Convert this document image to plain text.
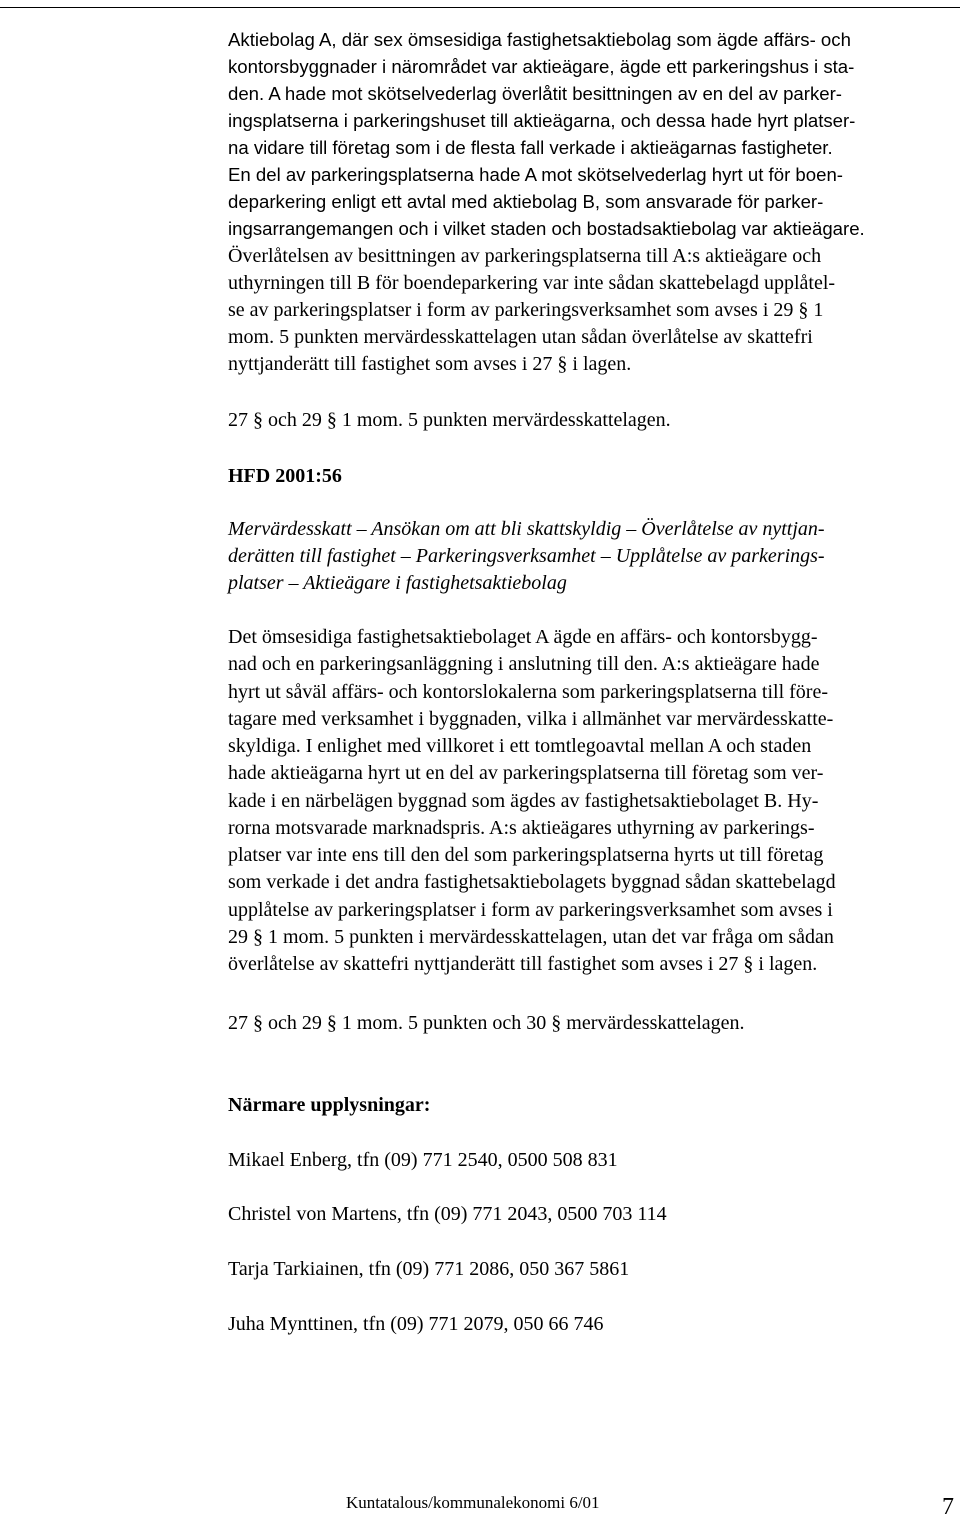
Aktiebolag A, där sex ömsesidiga fastighetsaktiebolag som ägde affärs- och
kontorsbyggnader i närområdet var aktieägare, ägde ett parkeringshus i sta-
den. A hade mot skötselvederlag överlåtit besittningen av en del av parker-
ingsplatserna i parkeringshuset till aktieägarna, och dessa hade hyrt platser-
na vidare till företag som i de flesta fall verkade i aktieägarnas fastigheter.
En del av parkeringsplatserna hade A mot skötselvederlag hyrt ut för boen-
deparkering enligt ett avtal med aktiebolag B, som ansvarade för parker-
ingsarrangemangen och i vilket staden och bostadsaktiebolag var aktieägare.

Överlåtelsen av besittningen av parkeringsplatserna till A:s aktieägare och
uthyrningen till B för boendeparkering var inte sådan skattebelagd upplåtel-
se av parkeringsplatser i form av parkeringsverksamhet som avses i 29 § 1
mom. 5 punkten mervärdesskattelagen utan sådan överlåtelse av skattefri
nyttjanderätt till fastighet som avses i 27 § i lagen.

27 § och 29 § 1 mom. 5 punkten mervärdesskattelagen.

HFD 2001:56

Mervärdesskatt – Ansökan om att bli skattskyldig – Överlåtelse av nyttjan-
derätten till fastighet – Parkeringsverksamhet – Upplåtelse av parkerings-
platser – Aktieägare i fastighetsaktiebolag

Det ömsesidiga fastighetsaktiebolaget A ägde en affärs- och kontorsbygg-
nad och en parkeringsanläggning i anslutning till den. A:s aktieägare hade
hyrt ut såväl affärs- och kontorslokalerna som parkeringsplatserna till före-
tagare med verksamhet i byggnaden, vilka i allmänhet var mervärdesskatte-
skyldiga. I enlighet med villkoret i ett tomtlegoavtal mellan A och staden
hade aktieägarna hyrt ut en del av parkeringsplatserna till företag som ver-
kade i en närbelägen byggnad som ägdes av fastighetsaktiebolaget B. Hy-
rorna motsvarade marknadspris. A:s aktieägares uthyrning av parkerings-
platser var inte ens till den del som parkeringsplatserna hyrts ut till företag
som verkade i det andra fastighetsaktiebolagets byggnad sådan skattebelagd
upplåtelse av parkeringsplatser i form av parkeringsverksamhet som avses i
29 § 1 mom. 5 punkten i mervärdesskattelagen, utan det var fråga om sådan
överlåtelse av skattefri nyttjanderätt till fastighet som avses i 27 § i lagen.

27 § och 29 § 1 mom. 5 punkten och 30 § mervärdesskattelagen.

Närmare upplysningar:

Mikael Enberg, tfn (09) 771 2540, 0500 508 831

Christel von Martens, tfn (09) 771 2043, 0500 703 114

Tarja Tarkiainen, tfn (09) 771 2086, 050 367 5861

Juha Mynttinen, tfn (09) 771 2079, 050 66 746

Kuntatalous/kommunalekonomi 6/01	7
